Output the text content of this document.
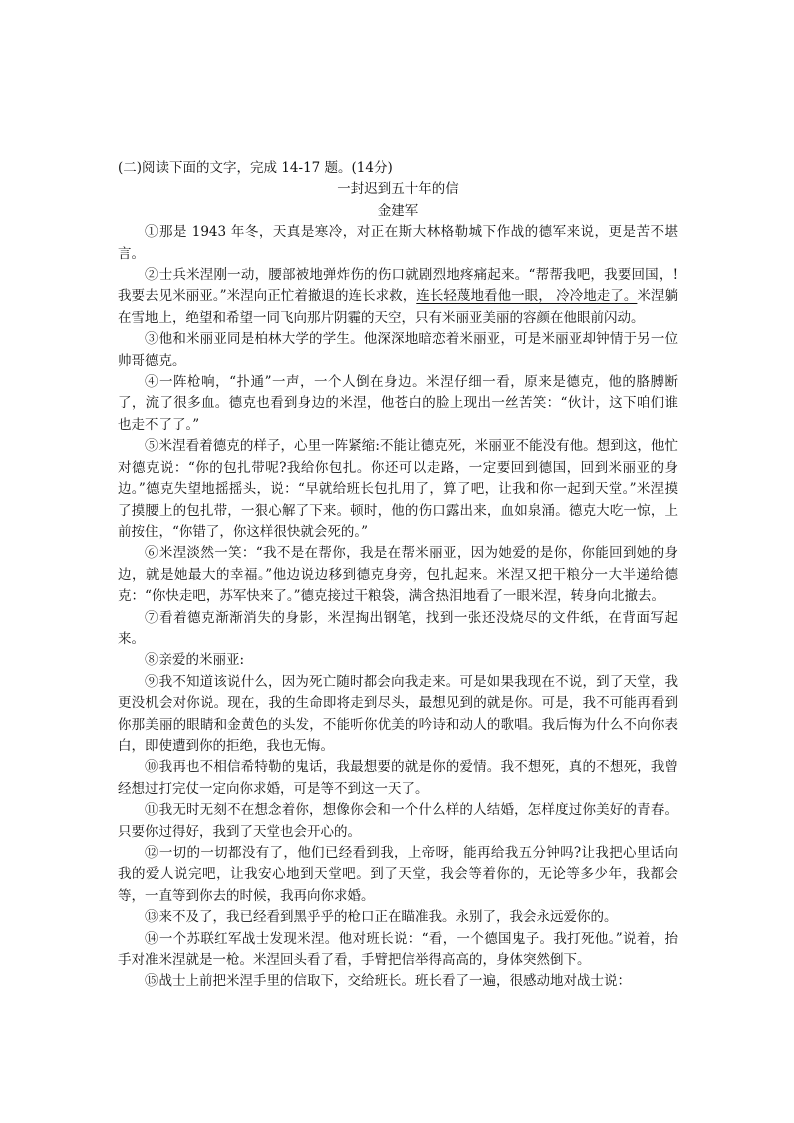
(二)阅读下面的文字，完成 14-17 题。(14分)
一封迟到五十年的信
金建军

①那是 1943 年冬，天真是寒冷，对正在斯大林格勒城下作战的德军来说，更是苦不堪言。

②士兵米涅刚一动，腰部被地弹炸伤的伤口就剧烈地疼痛起来。“帮帮我吧，我要回国，!我要去见米丽亚。”米涅向正忙着撤退的连长求救，连长轻蔑地看他一眼， 冷冷地走了。米涅躺在雪地上，绝望和希望一同飞向那片阴霾的天空，只有米丽亚美丽的容颜在他眼前闪动。

③他和米丽亚同是柏林大学的学生。他深深地暗恋着米丽亚，可是米丽亚却钟情于另一位帅哥德克。

④一阵枪响，“扑通”一声，一个人倒在身边。米涅仔细一看，原来是德克，他的胳膊断了，流了很多血。德克也看到身边的米涅，他苍白的脸上现出一丝苦笑：“伙计，这下咱们谁也走不了了。”

⑤米涅看着德克的样子，心里一阵紧缩:不能让德克死，米丽亚不能没有他。想到这，他忙对德克说：“你的包扎带呢?我给你包扎。你还可以走路，一定要回到德国，回到米丽亚的身边。”德克失望地摇摇头，说：“早就给班长包扎用了，算了吧，让我和你一起到天堂。”米涅摸了摸腰上的包扎带，一狠心解了下来。顿时，他的伤口露出来，血如泉涌。德克大吃一惊，上前按住，“你错了，你这样很快就会死的。”

⑥米涅淡然一笑：“我不是在帮你，我是在帮米丽亚，因为她爱的是你，你能回到她的身边，就是她最大的幸福。”他边说边移到德克身旁，包扎起来。米涅又把干粮分一大半递给德克：“你快走吧，苏军快来了。”德克接过干粮袋，满含热泪地看了一眼米涅，转身向北撤去。

⑦看着德克渐渐消失的身影，米涅掏出钢笔，找到一张还没烧尽的文件纸，在背面写起来。

⑧亲爱的米丽亚:

⑨我不知道该说什么，因为死亡随时都会向我走来。可是如果我现在不说，到了天堂，我更没机会对你说。现在，我的生命即将走到尽头，最想见到的就是你。可是，我不可能再看到你那美丽的眼睛和金黄色的头发，不能听你优美的吟诗和动人的歌唱。我后悔为什么不向你表白，即使遭到你的拒绝，我也无悔。

⑩我再也不相信希特勒的鬼话，我最想要的就是你的爱情。我不想死，真的不想死，我曾经想过打完仗一定向你求婚，可是等不到这一天了。

⑪我无时无刻不在想念着你，想像你会和一个什么样的人结婚，怎样度过你美好的青春。只要你过得好，我到了天堂也会开心的。

⑫一切的一切都没有了，他们已经看到我，上帝呀，能再给我五分钟吗?让我把心里话向我的爱人说完吧，让我安心地到天堂吧。到了天堂，我会等着你的，无论等多少年，我都会等，一直等到你去的时候，我再向你求婚。

⑬来不及了，我已经看到黑乎乎的枪口正在瞄准我。永别了，我会永远爱你的。

⑭一个苏联红军战士发现米涅。他对班长说：“看，一个德国鬼子。我打死他。”说着，抬手对准米涅就是一枪。米涅回头看了看，手臂把信举得高高的，身体突然倒下。

⑮战士上前把米涅手里的信取下，交给班长。班长看了一遍，很感动地对战士说：
